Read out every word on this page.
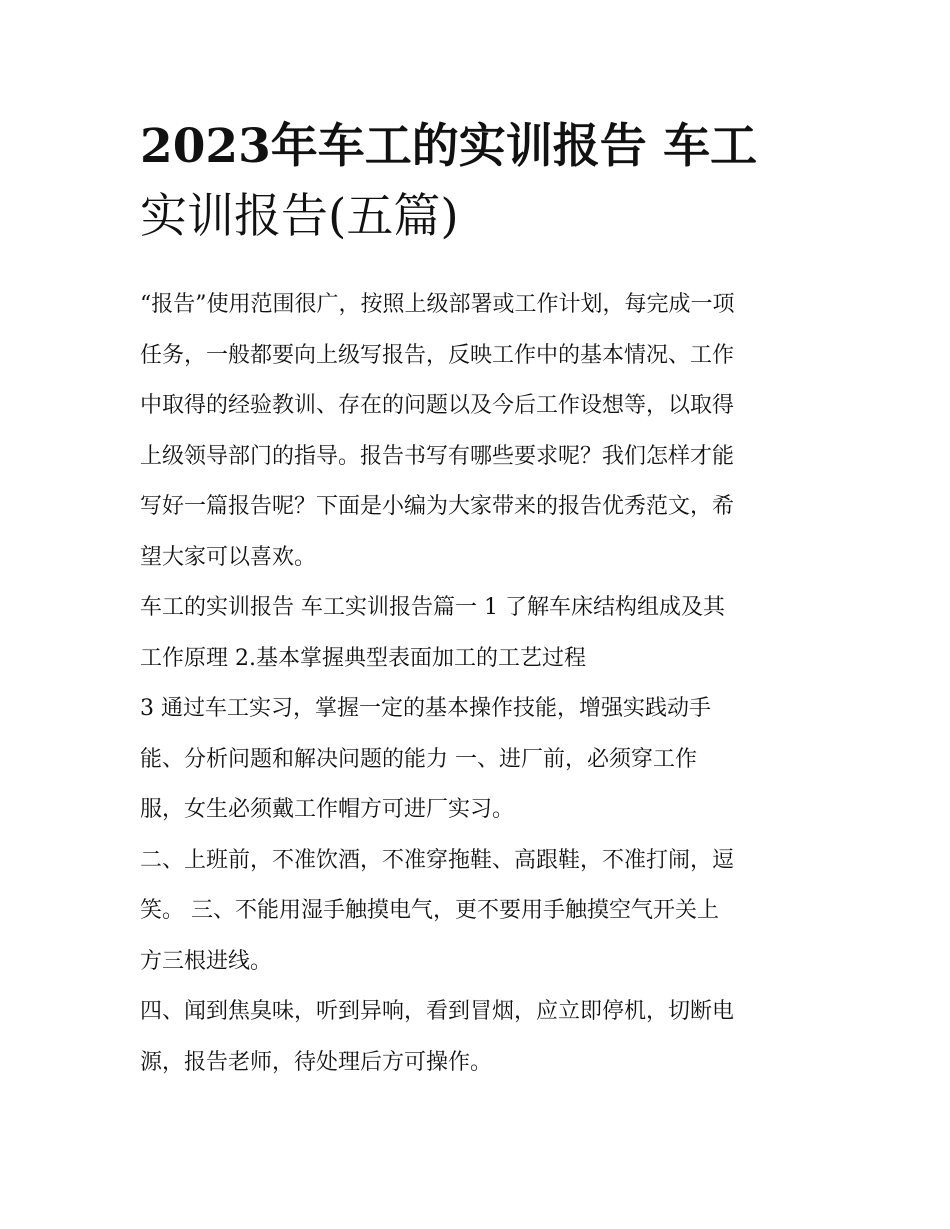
2023年车工的实训报告 车工
实训报告(五篇)

“报告”使用范围很广，按照上级部署或工作计划，每完成一项
任务，一般都要向上级写报告，反映工作中的基本情况、工作
中取得的经验教训、存在的问题以及今后工作设想等，以取得
上级领导部门的指导。报告书写有哪些要求呢？我们怎样才能
写好一篇报告呢？下面是小编为大家带来的报告优秀范文，希
望大家可以喜欢。

车工的实训报告 车工实训报告篇一 1 了解车床结构组成及其
工作原理 2.基本掌握典型表面加工的工艺过程

3 通过车工实习，掌握一定的基本操作技能，增强实践动手
能、分析问题和解决问题的能力 一、进厂前，必须穿工作
服，女生必须戴工作帽方可进厂实习。

二、上班前，不准饮酒，不准穿拖鞋、高跟鞋，不准打闹，逗
笑。 三、不能用湿手触摸电气，更不要用手触摸空气开关上
方三根进线。

四、闻到焦臭味，听到异响，看到冒烟，应立即停机，切断电
源，报告老师，待处理后方可操作。
